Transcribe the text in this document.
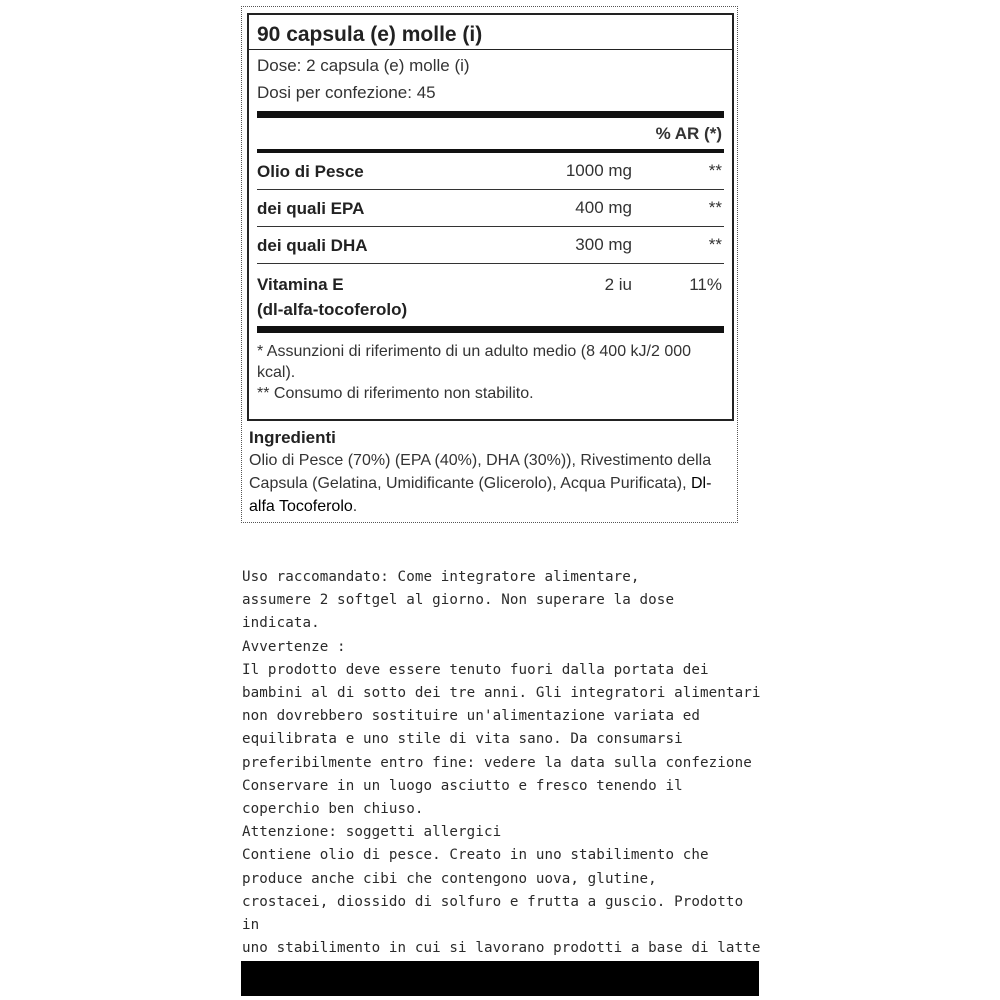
90 capsula (e) molle (i)
Dose: 2 capsula (e) molle (i)
Dosi per confezione: 45
% AR (*)
Olio di Pesce	1000 mg	**
dei quali EPA	400 mg	**
dei quali DHA	300 mg	**
Vitamina E
(dl-alfa-tocoferolo)
2 iu	11%
* Assunzioni di riferimento di un adulto medio (8 400 kJ/2 000 kcal).
** Consumo di riferimento non stabilito.
Ingredienti
Olio di Pesce (70%) (EPA (40%), DHA (30%)), Rivestimento della Capsula (Gelatina, Umidificante (Glicerolo), Acqua Purificata), Dl-alfa Tocoferolo.

Uso raccomandato: Come integratore alimentare,
assumere 2 softgel al giorno. Non superare la dose
indicata.

Avvertenze :

Il prodotto deve essere tenuto fuori dalla portata dei
bambini al di sotto dei tre anni. Gli integratori alimentari
non dovrebbero sostituire un'alimentazione variata ed
equilibrata e uno stile di vita sano. Da consumarsi
preferibilmente entro fine: vedere la data sulla confezione
Conservare in un luogo asciutto e fresco tenendo il
coperchio ben chiuso.

Attenzione: soggetti allergici

Contiene olio di pesce. Creato in uno stabilimento che
produce anche cibi che contengono uova, glutine,
crostacei, diossido di solfuro e frutta a guscio. Prodotto in
uno stabilimento in cui si lavorano prodotti a base di latte
